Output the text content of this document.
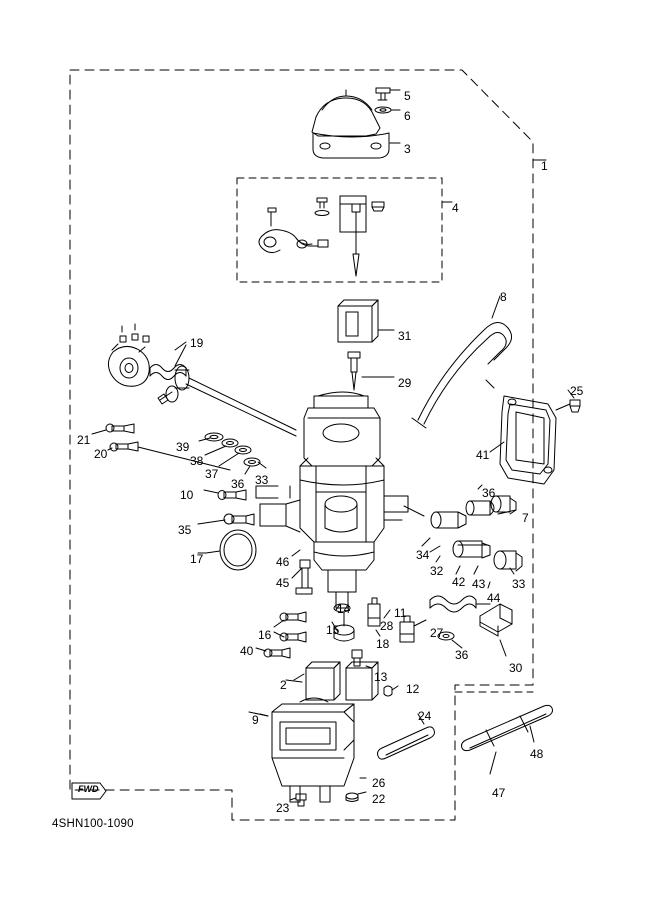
FWD
4SHN100-1090
1
5
6
3
4
8
31
29
19
25
41
21
20	39
38
37
36 33
36
10
7
35
34
32
42 43
44
33
17	46
45
14	11
27
28
16	15
18
36
30
40
2
13
12
24
9
47
48
26
23
22
